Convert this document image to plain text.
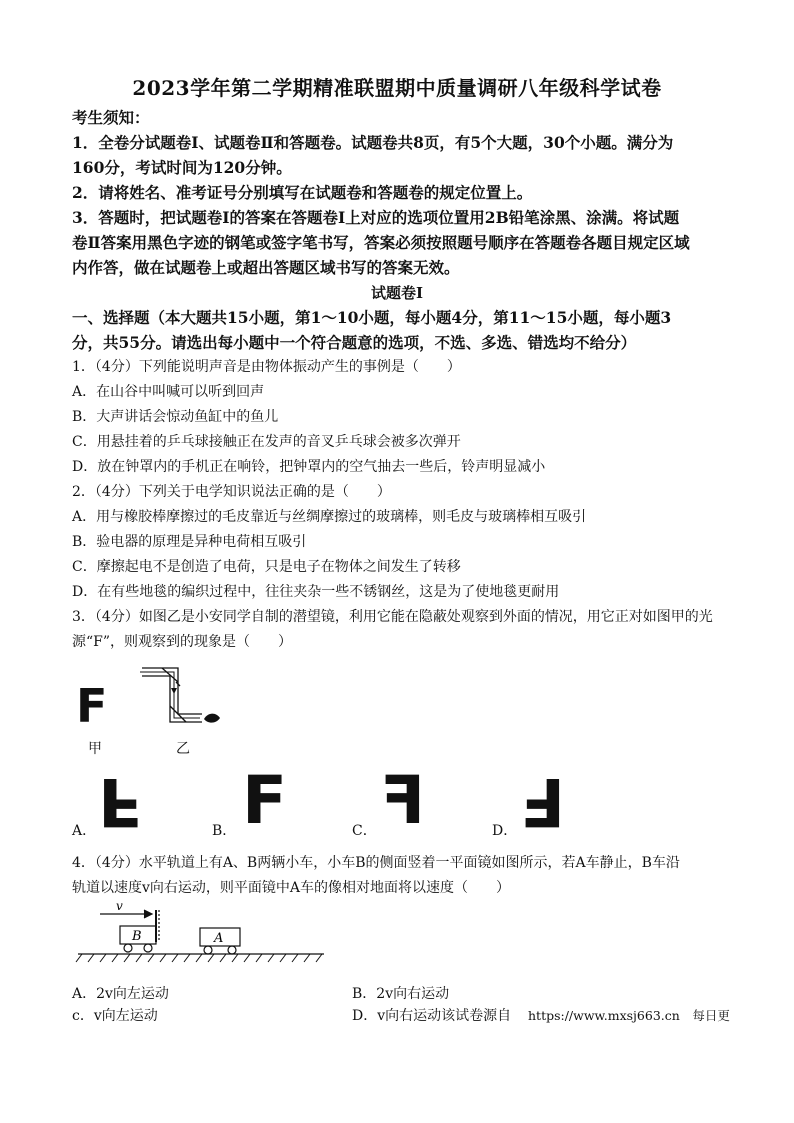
2023学年第二学期精准联盟期中质量调研八年级科学试卷
考生须知：
1．全卷分试题卷Ⅰ、试题卷Ⅱ和答题卷。试题卷共8页，有5个大题，30个小题。满分为
160分，考试时间为120分钟。
2．请将姓名、准考证号分别填写在试题卷和答题卷的规定位置上。
3．答题时，把试题卷Ⅰ的答案在答题卷Ⅰ上对应的选项位置用2B铅笔涂黑、涂满。将试题
卷Ⅱ答案用黑色字迹的钢笔或签字笔书写，答案必须按照题号顺序在答题卷各题目规定区域
内作答，做在试题卷上或超出答题区域书写的答案无效。
试题卷Ⅰ
一、选择题（本大题共15小题，第1～10小题，每小题4分，第11～15小题，每小题3
分，共55分。请选出每小题中一个符合题意的选项，不选、多选、错选均不给分）
1．（4分）下列能说明声音是由物体振动产生的事例是（　　）
A．在山谷中叫喊可以听到回声
B．大声讲话会惊动鱼缸中的鱼儿
C．用悬挂着的乒乓球接触正在发声的音叉乒乓球会被多次弹开
D．放在钟罩内的手机正在响铃，把钟罩内的空气抽去一些后，铃声明显减小
2．（4分）下列关于电学知识说法正确的是（　　）
A．用与橡胶棒摩擦过的毛皮靠近与丝绸摩擦过的玻璃棒，则毛皮与玻璃棒相互吸引
B．验电器的原理是异种电荷相互吸引
C．摩擦起电不是创造了电荷，只是电子在物体之间发生了转移
D．在有些地毯的编织过程中，往往夹杂一些不锈钢丝，这是为了使地毯更耐用
3．（4分）如图乙是小安同学自制的潜望镜，利用它能在隐蔽处观察到外面的情况，用它正对如图甲的光
源“F”，则观察到的现象是（　　）
F
甲	乙
A． F	B． F	C． F	D． F
4．（4分）水平轨道上有A、B两辆小车，小车B的侧面竖着一平面镜如图所示，若A车静止，B车沿
轨道以速度v向右运动，则平面镜中A车的像相对地面将以速度（　　）
v
B	A
A．2v向左运动	B．2v向右运动
c．v向左运动	D．v向右运动该试卷源自 https://www.mxsj663.cn　每日更
